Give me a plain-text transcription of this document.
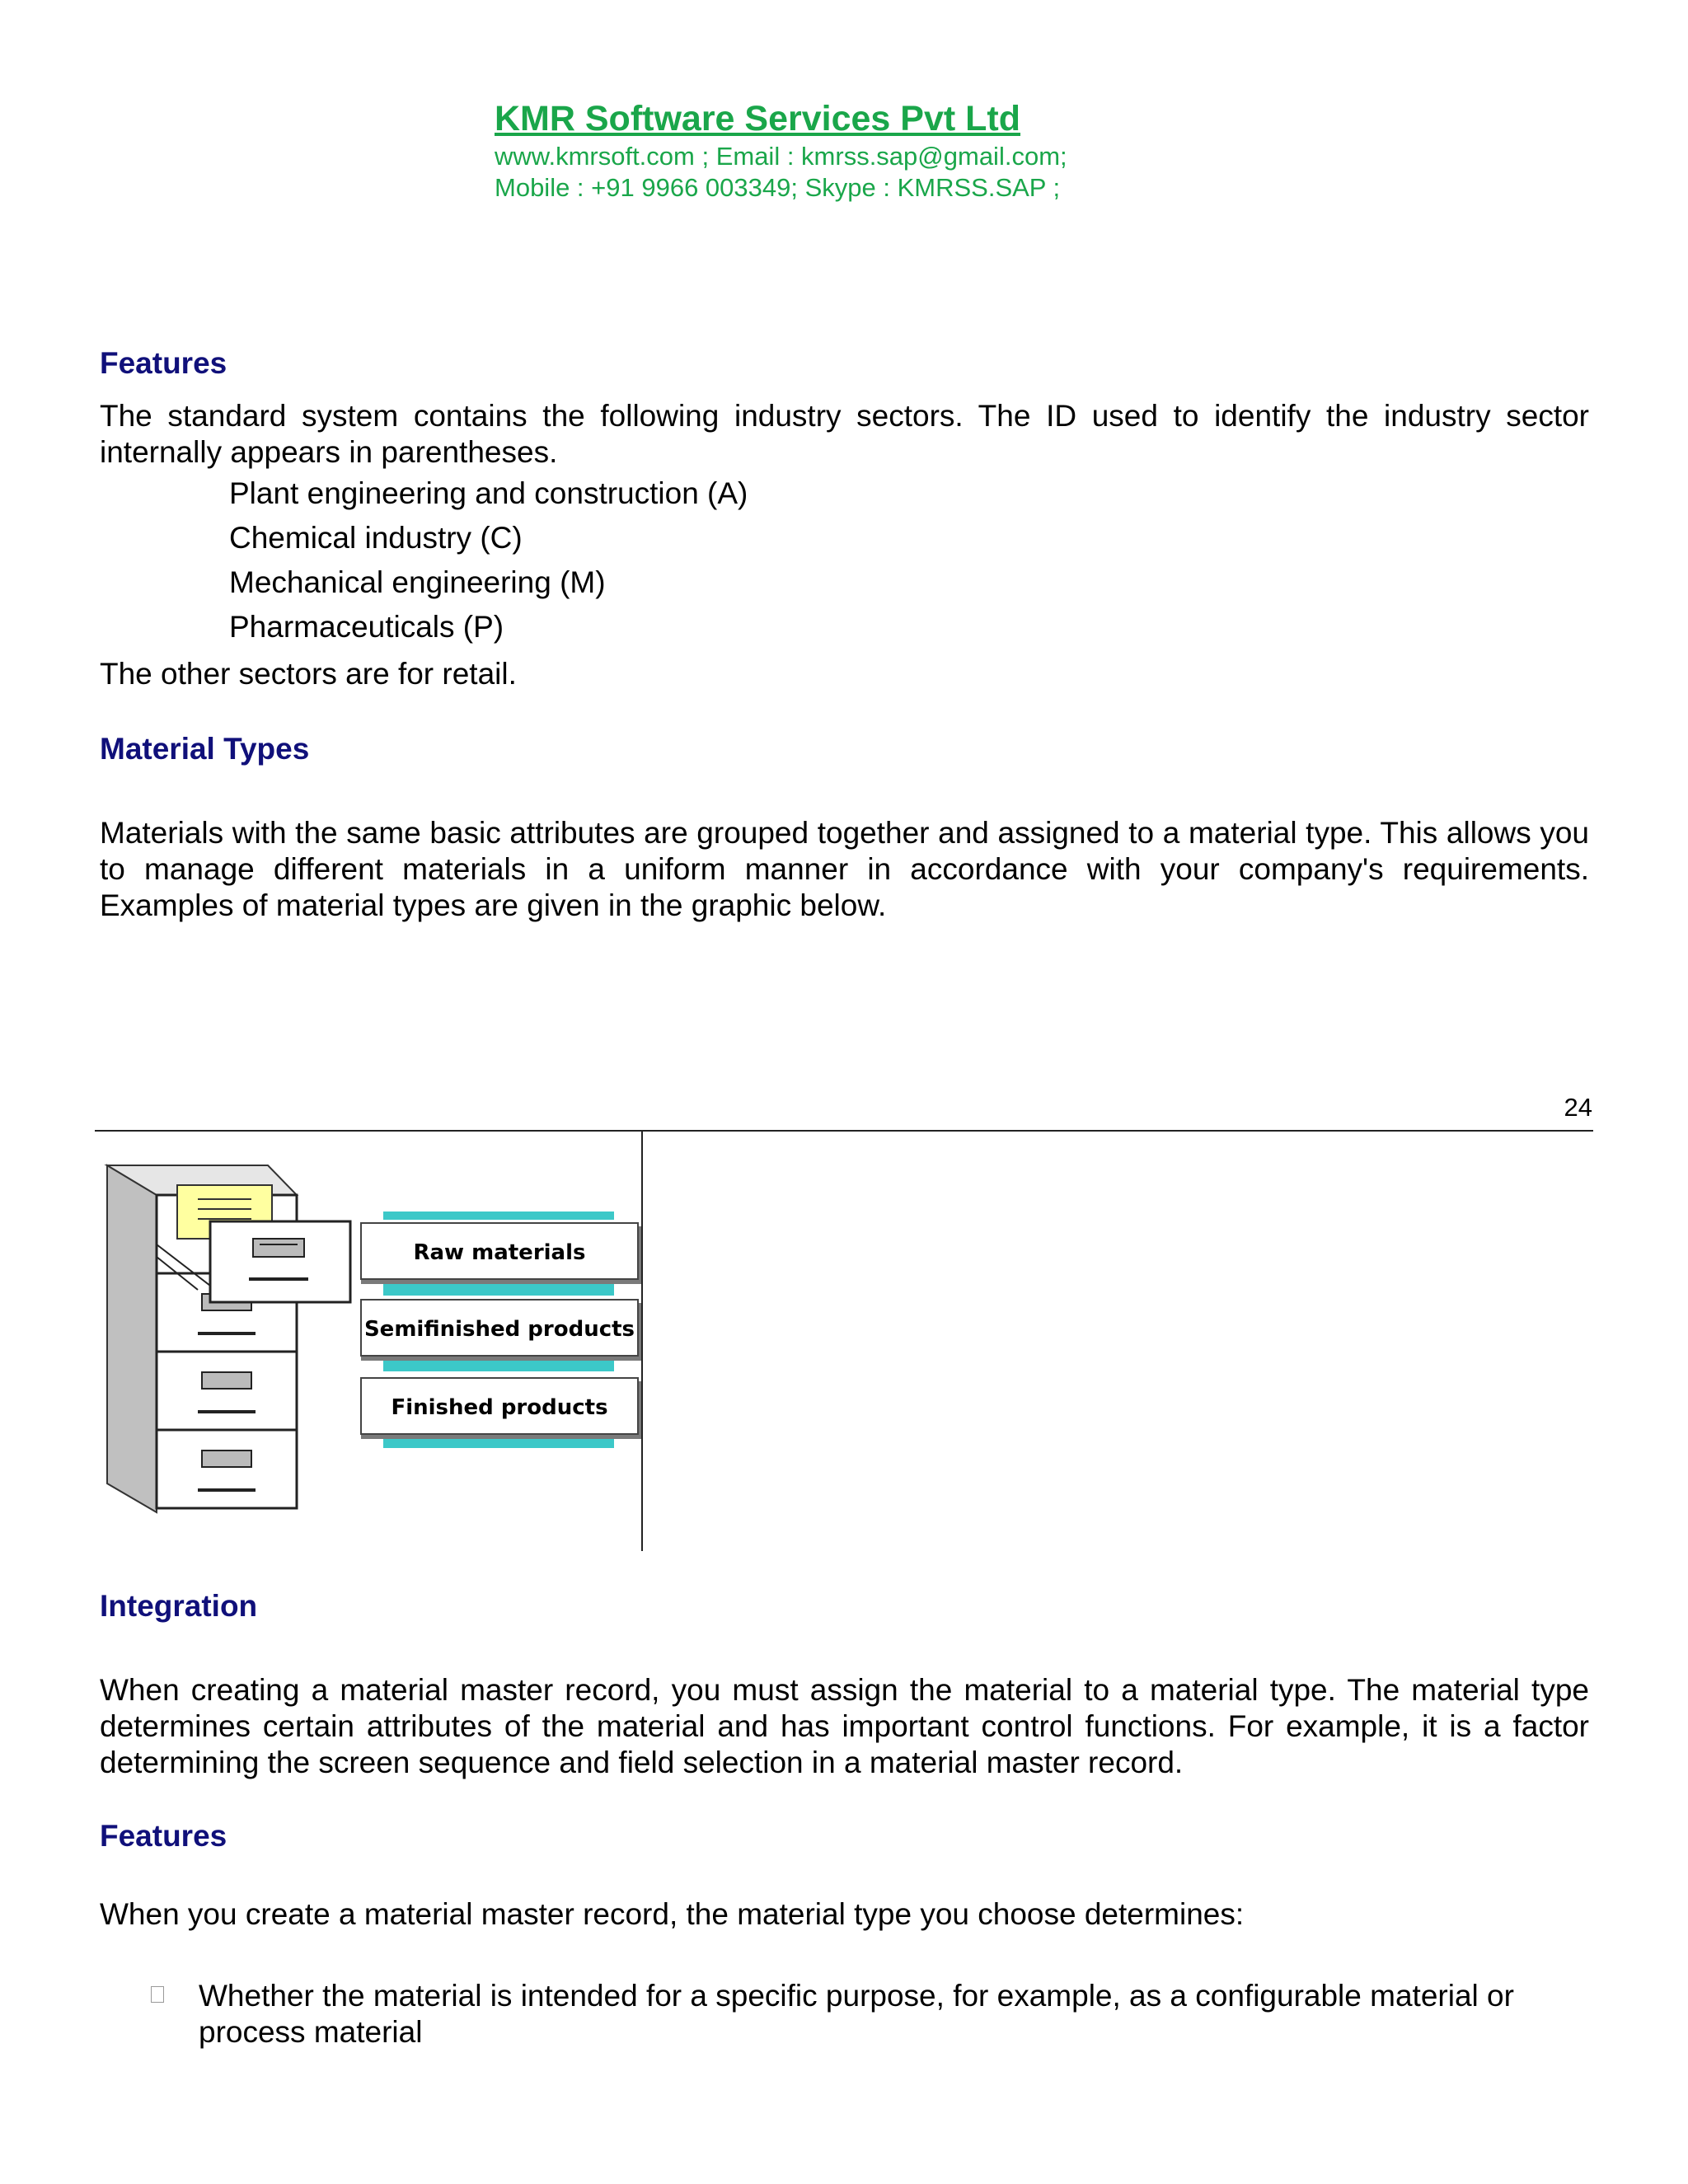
KMR Software Services Pvt Ltd
www.kmrsoft.com ; Email : kmrss.sap@gmail.com;
Mobile : +91 9966 003349; Skype : KMRSS.SAP ;
Features
The standard system contains the following industry sectors. The ID used to identify the industry sector internally appears in parentheses.
Plant engineering and construction (A)
Chemical industry (C)
Mechanical engineering (M)
Pharmaceuticals (P)
The other sectors are for retail.
Material Types
Materials with the same basic attributes are grouped together and assigned to a material type. This allows you to manage different materials in a uniform manner in accordance with your company's requirements. Examples of material types are given in the graphic below.
24
Raw materials
Semifinished products
Finished products
Integration
When creating a material master record, you must assign the material to a material type. The material type determines certain attributes of the material and has important control functions. For example, it is a factor determining the screen sequence and field selection in a material master record.
Features
When you create a material master record, the material type you choose determines:
Whether the material is intended for a specific purpose, for example, as a configurable material or process material
